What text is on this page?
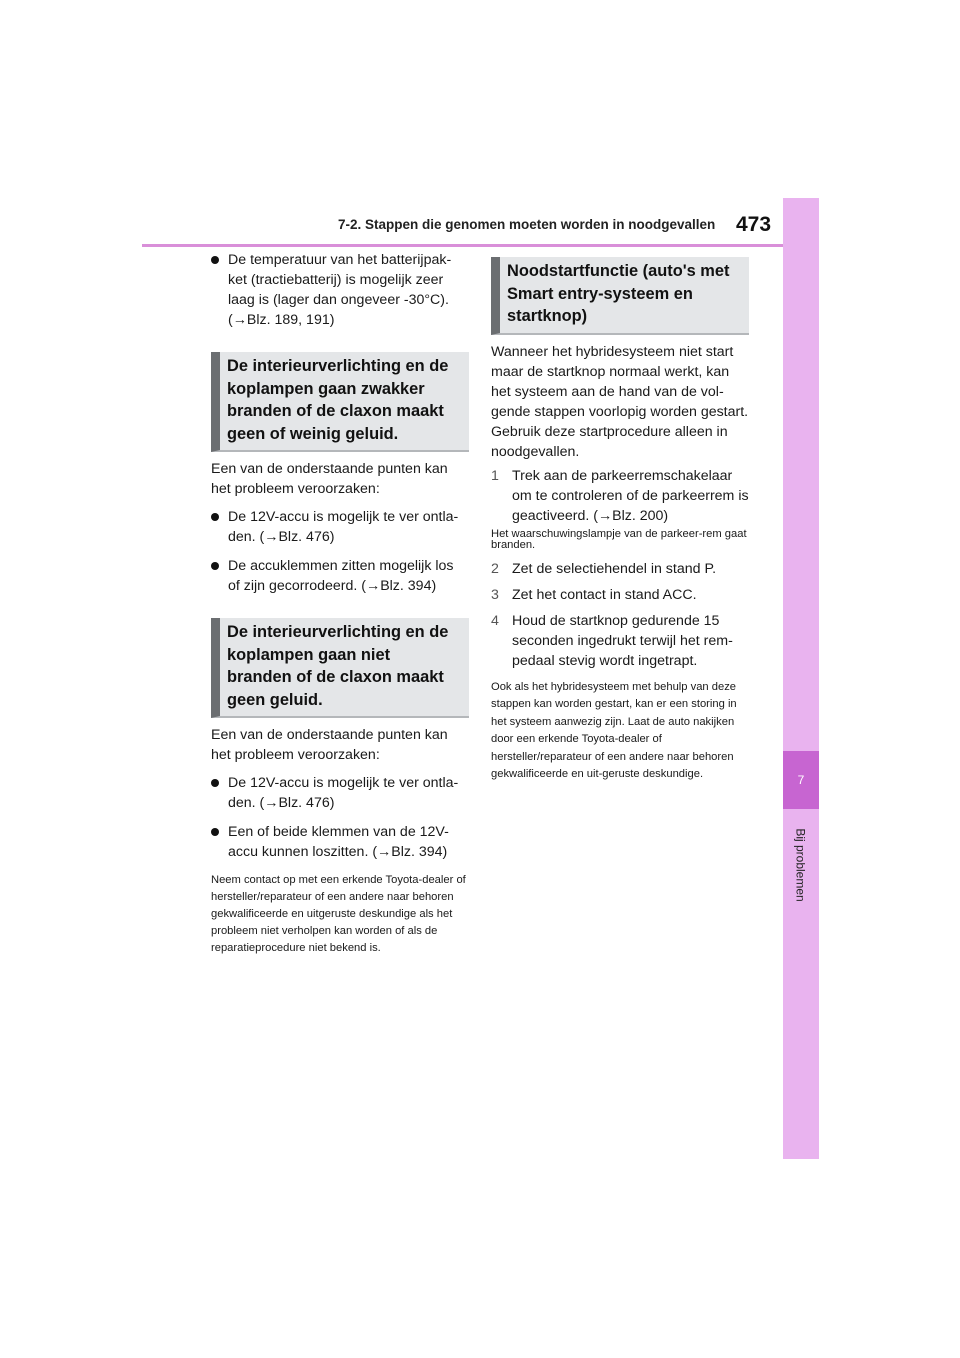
7-2. Stappen die genomen moeten worden in noodgevallen 473
7
Bij problemen
De temperatuur van het batterijpak-ket (tractiebatterij) is mogelijk zeer laag is (lager dan ongeveer -30°C). (→Blz. 189, 191)
De interieurverlichting en de koplampen gaan zwakker branden of de claxon maakt geen of weinig geluid.
Een van de onderstaande punten kan het probleem veroorzaken:
De 12V-accu is mogelijk te ver ontla-den. (→Blz. 476)
De accuklemmen zitten mogelijk los of zijn gecorrodeerd. (→Blz. 394)
De interieurverlichting en de koplampen gaan niet branden of de claxon maakt geen geluid.
Een van de onderstaande punten kan het probleem veroorzaken:
De 12V-accu is mogelijk te ver ontla-den. (→Blz. 476)
Een of beide klemmen van de 12V-accu kunnen loszitten. (→Blz. 394)
Neem contact op met een erkende Toyota-dealer of hersteller/reparateur of een andere naar behoren gekwalificeerde en uitgeruste deskundige als het probleem niet verholpen kan worden of als de reparatieprocedure niet bekend is.
Noodstartfunctie (auto's met Smart entry-systeem en startknop)
Wanneer het hybridesysteem niet start maar de startknop normaal werkt, kan het systeem aan de hand van de vol-gende stappen voorlopig worden gestart.
Gebruik deze startprocedure alleen in noodgevallen.
1 Trek aan de parkeerremschakelaar om te controleren of de parkeerrem is geactiveerd. (→Blz. 200)
Het waarschuwingslampje van de parkeer-rem gaat branden.
2 Zet de selectiehendel in stand P.
3 Zet het contact in stand ACC.
4 Houd de startknop gedurende 15 seconden ingedrukt terwijl het rem-pedaal stevig wordt ingetrapt.
Ook als het hybridesysteem met behulp van deze stappen kan worden gestart, kan er een storing in het systeem aanwezig zijn. Laat de auto nakijken door een erkende Toyota-dealer of hersteller/reparateur of een andere naar behoren gekwalificeerde en uit-geruste deskundige.
